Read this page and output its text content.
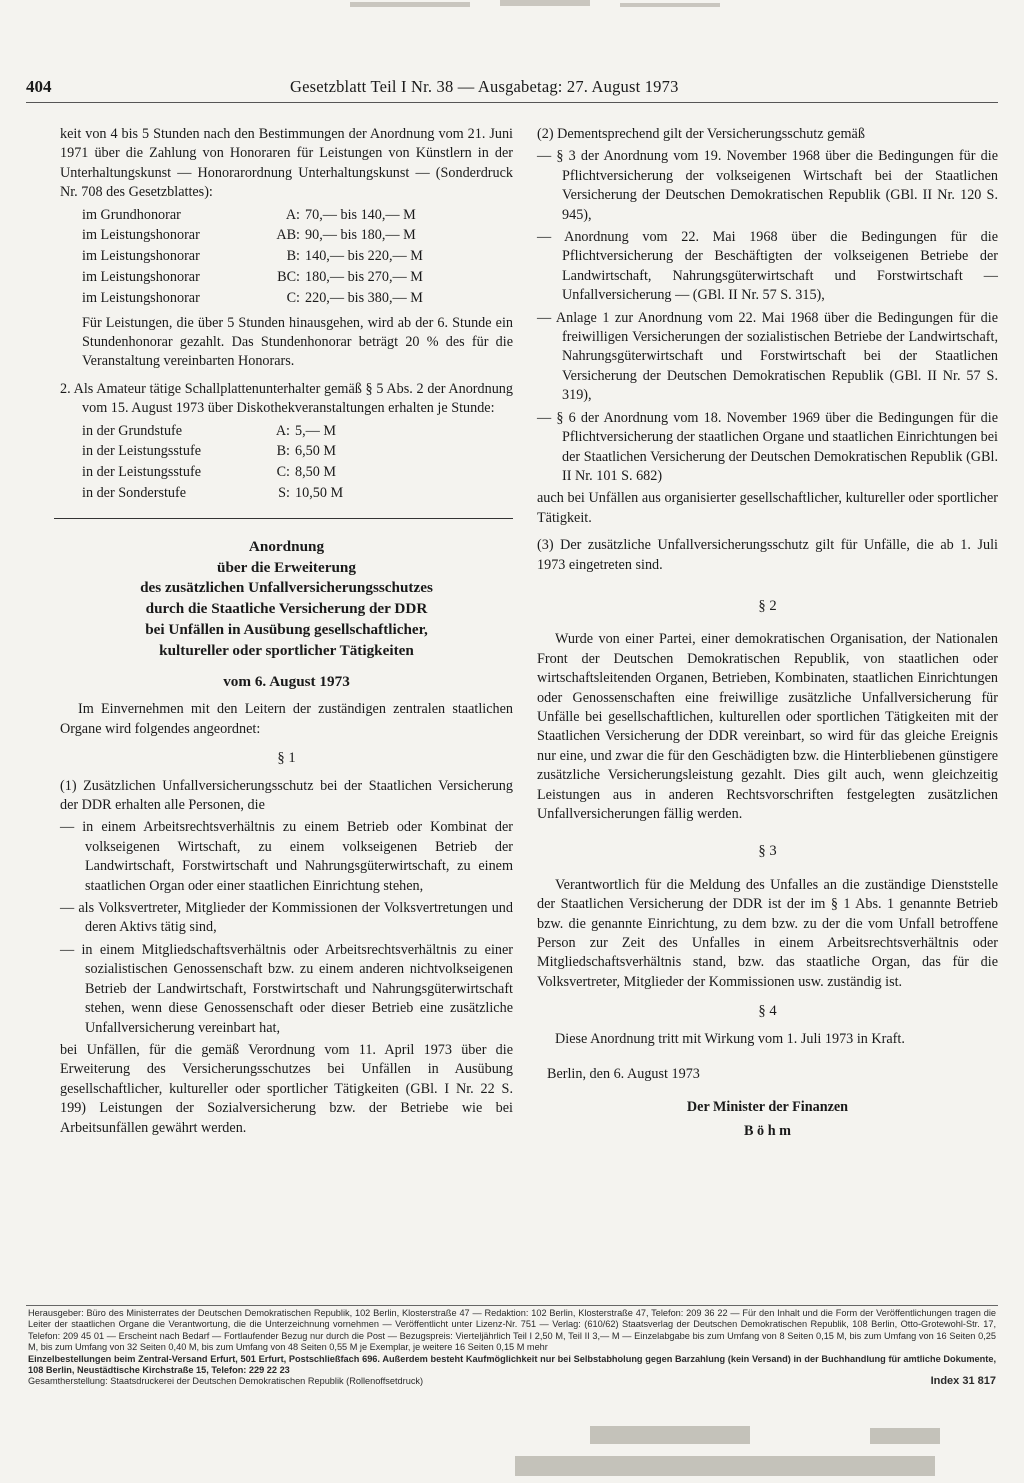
404	Gesetzblatt Teil I Nr. 38 — Ausgabetag: 27. August 1973
keit von 4 bis 5 Stunden nach den Bestimmungen der Anordnung vom 21. Juni 1971 über die Zahlung von Honoraren für Leistungen von Künstlern in der Unterhaltungskunst — Honorarordnung Unterhaltungskunst — (Sonderdruck Nr. 708 des Gesetzblattes):
im Grundhonorar	A:	70,— bis 140,— M
im Leistungshonorar	AB:	90,— bis 180,— M
im Leistungshonorar	B:	140,— bis 220,— M
im Leistungshonorar	BC:	180,— bis 270,— M
im Leistungshonorar	C:	220,— bis 380,— M
Für Leistungen, die über 5 Stunden hinausgehen, wird ab der 6. Stunde ein Stundenhonorar gezahlt. Das Stundenhonorar beträgt 20 % des für die Veranstaltung vereinbarten Honorars.
2. Als Amateur tätige Schallplattenunterhalter gemäß § 5 Abs. 2 der Anordnung vom 15. August 1973 über Diskothekveranstaltungen erhalten je Stunde:
in der Grundstufe	A:	5,— M
in der Leistungsstufe	B:	6,50 M
in der Leistungsstufe	C:	8,50 M
in der Sonderstufe	S:	10,50 M
Anordnung
über die Erweiterung
des zusätzlichen Unfallversicherungsschutzes
durch die Staatliche Versicherung der DDR
bei Unfällen in Ausübung gesellschaftlicher,
kultureller oder sportlicher Tätigkeiten
vom 6. August 1973
Im Einvernehmen mit den Leitern der zuständigen zentralen staatlichen Organe wird folgendes angeordnet:
§ 1
(1) Zusätzlichen Unfallversicherungsschutz bei der Staatlichen Versicherung der DDR erhalten alle Personen, die
— in einem Arbeitsrechtsverhältnis zu einem Betrieb oder Kombinat der volkseigenen Wirtschaft, zu einem volkseigenen Betrieb der Landwirtschaft, Forstwirtschaft und Nahrungsgüterwirtschaft, zu einem staatlichen Organ oder einer staatlichen Einrichtung stehen,
— als Volksvertreter, Mitglieder der Kommissionen der Volksvertretungen und deren Aktivs tätig sind,
— in einem Mitgliedschaftsverhältnis oder Arbeitsrechtsverhältnis zu einer sozialistischen Genossenschaft bzw. zu einem anderen nichtvolkseigenen Betrieb der Landwirtschaft, Forstwirtschaft und Nahrungsgüterwirtschaft stehen, wenn diese Genossenschaft oder dieser Betrieb eine zusätzliche Unfallversicherung vereinbart hat,
bei Unfällen, für die gemäß Verordnung vom 11. April 1973 über die Erweiterung des Versicherungsschutzes bei Unfällen in Ausübung gesellschaftlicher, kultureller oder sportlicher Tätigkeiten (GBl. I Nr. 22 S. 199) Leistungen der Sozialversicherung bzw. der Betriebe wie bei Arbeitsunfällen gewährt werden.
(2) Dementsprechend gilt der Versicherungsschutz gemäß
— § 3 der Anordnung vom 19. November 1968 über die Bedingungen für die Pflichtversicherung der volkseigenen Wirtschaft bei der Staatlichen Versicherung der Deutschen Demokratischen Republik (GBl. II Nr. 120 S. 945),
— Anordnung vom 22. Mai 1968 über die Bedingungen für die Pflichtversicherung der Beschäftigten der volkseigenen Betriebe der Landwirtschaft, Nahrungsgüterwirtschaft und Forstwirtschaft — Unfallversicherung — (GBl. II Nr. 57 S. 315),
— Anlage 1 zur Anordnung vom 22. Mai 1968 über die Bedingungen für die freiwilligen Versicherungen der sozialistischen Betriebe der Landwirtschaft, Nahrungsgüterwirtschaft und Forstwirtschaft bei der Staatlichen Versicherung der Deutschen Demokratischen Republik (GBl. II Nr. 57 S. 319),
— § 6 der Anordnung vom 18. November 1969 über die Bedingungen für die Pflichtversicherung der staatlichen Organe und staatlichen Einrichtungen bei der Staatlichen Versicherung der Deutschen Demokratischen Republik (GBl. II Nr. 101 S. 682)
auch bei Unfällen aus organisierter gesellschaftlicher, kultureller oder sportlicher Tätigkeit.
(3) Der zusätzliche Unfallversicherungsschutz gilt für Unfälle, die ab 1. Juli 1973 eingetreten sind.
§ 2
Wurde von einer Partei, einer demokratischen Organisation, der Nationalen Front der Deutschen Demokratischen Republik, von staatlichen oder wirtschaftsleitenden Organen, Betrieben, Kombinaten, staatlichen Einrichtungen oder Genossenschaften eine freiwillige zusätzliche Unfallversicherung für Unfälle bei gesellschaftlichen, kulturellen oder sportlichen Tätigkeiten mit der Staatlichen Versicherung der DDR vereinbart, so wird für das gleiche Ereignis nur eine, und zwar die für den Geschädigten bzw. die Hinterbliebenen günstigere zusätzliche Versicherungsleistung gezahlt. Dies gilt auch, wenn gleichzeitig Leistungen aus in anderen Rechtsvorschriften festgelegten zusätzlichen Unfallversicherungen fällig werden.
§ 3
Verantwortlich für die Meldung des Unfalles an die zuständige Dienststelle der Staatlichen Versicherung der DDR ist der im § 1 Abs. 1 genannte Betrieb bzw. die genannte Einrichtung, zu dem bzw. zu der die vom Unfall betroffene Person zur Zeit des Unfalles in einem Arbeitsrechtsverhältnis oder Mitgliedschaftsverhältnis stand, bzw. das staatliche Organ, das für die Volksvertreter, Mitglieder der Kommissionen usw. zuständig ist.
§ 4
Diese Anordnung tritt mit Wirkung vom 1. Juli 1973 in Kraft.
Berlin, den 6. August 1973
Der Minister der Finanzen
B ö h m
Herausgeber: Büro des Ministerrates der Deutschen Demokratischen Republik, 102 Berlin, Klosterstraße 47 — Redaktion: 102 Berlin, Klosterstraße 47, Telefon: 209 36 22 — Für den Inhalt und die Form der Veröffentlichungen tragen die Leiter der staatlichen Organe die Verantwortung, die die Unterzeichnung vornehmen — Veröffentlicht unter Lizenz-Nr. 751 — Verlag: (610/62) Staatsverlag der Deutschen Demokratischen Republik, 108 Berlin, Otto-Grotewohl-Str. 17, Telefon: 209 45 01 — Erscheint nach Bedarf — Fortlaufender Bezug nur durch die Post — Bezugspreis: Vierteljährlich Teil I 2,50 M, Teil II 3,— M — Einzelabgabe bis zum Umfang von 8 Seiten 0,15 M, bis zum Umfang von 16 Seiten 0,25 M, bis zum Umfang von 32 Seiten 0,40 M, bis zum Umfang von 48 Seiten 0,55 M je Exemplar, je weitere 16 Seiten 0,15 M mehr
Einzelbestellungen beim Zentral-Versand Erfurt, 501 Erfurt, Postschließfach 696. Außerdem besteht Kaufmöglichkeit nur bei Selbstabholung gegen Barzahlung (kein Versand) in der Buchhandlung für amtliche Dokumente, 108 Berlin, Neustädtische Kirchstraße 15, Telefon: 229 22 23
Gesamtherstellung: Staatsdruckerei der Deutschen Demokratischen Republik (Rollenoffsetdruck)	Index 31 817
